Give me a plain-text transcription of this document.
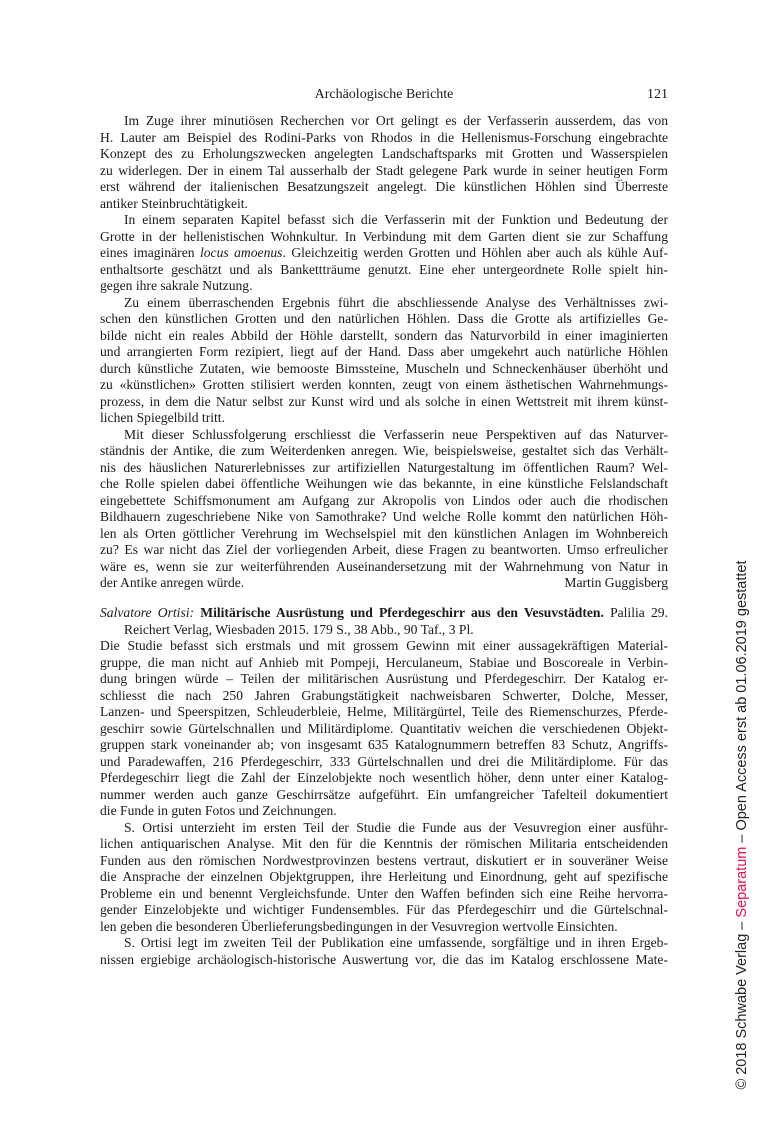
Archäologische Berichte	121
Im Zuge ihrer minutiösen Recherchen vor Ort gelingt es der Verfasserin ausserdem, das von
H. Lauter am Beispiel des Rodini-Parks von Rhodos in die Hellenismus-Forschung eingebrachte
Konzept des zu Erholungszwecken angelegten Landschaftsparks mit Grotten und Wasserspielen
zu widerlegen. Der in einem Tal ausserhalb der Stadt gelegene Park wurde in seiner heutigen Form
erst während der italienischen Besatzungszeit angelegt. Die künstlichen Höhlen sind Überreste
antiker Steinbruchtätigkeit.
In einem separaten Kapitel befasst sich die Verfasserin mit der Funktion und Bedeutung der
Grotte in der hellenistischen Wohnkultur. In Verbindung mit dem Garten dient sie zur Schaffung
eines imaginären locus amoenus. Gleichzeitig werden Grotten und Höhlen aber auch als kühle Auf-
enthaltsorte geschätzt und als Bankettträume genutzt. Eine eher untergeordnete Rolle spielt hin-
gegen ihre sakrale Nutzung.
Zu einem überraschenden Ergebnis führt die abschliessende Analyse des Verhältnisses zwi-
schen den künstlichen Grotten und den natürlichen Höhlen. Dass die Grotte als artifizielles Ge-
bilde nicht ein reales Abbild der Höhle darstellt, sondern das Naturvorbild in einer imaginierten
und arrangierten Form rezipiert, liegt auf der Hand. Dass aber umgekehrt auch natürliche Höhlen
durch künstliche Zutaten, wie bemooste Bimssteine, Muscheln und Schneckenhäuser überhöht und
zu «künstlichen» Grotten stilisiert werden konnten, zeugt von einem ästhetischen Wahrnehmungs-
prozess, in dem die Natur selbst zur Kunst wird und als solche in einen Wettstreit mit ihrem künst-
lichen Spiegelbild tritt.
Mit dieser Schlussfolgerung erschliesst die Verfasserin neue Perspektiven auf das Naturver-
ständnis der Antike, die zum Weiterdenken anregen. Wie, beispielsweise, gestaltet sich das Verhält-
nis des häuslichen Naturerlebnisses zur artifiziellen Naturgestaltung im öffentlichen Raum? Wel-
che Rolle spielen dabei öffentliche Weihungen wie das bekannte, in eine künstliche Felslandschaft
eingebettete Schiffsmonument am Aufgang zur Akropolis von Lindos oder auch die rhodischen
Bildhauern zugeschriebene Nike von Samothrake? Und welche Rolle kommt den natürlichen Höh-
len als Orten göttlicher Verehrung im Wechselspiel mit den künstlichen Anlagen im Wohnbereich
zu? Es war nicht das Ziel der vorliegenden Arbeit, diese Fragen zu beantworten. Umso erfreulicher
wäre es, wenn sie zur weiterführenden Auseinandersetzung mit der Wahrnehmung von Natur in
der Antike anregen würde.	Martin Guggisberg
Salvatore Ortisi: Militärische Ausrüstung und Pferdegeschirr aus den Vesuvstädten. Palilia 29.
Reichert Verlag, Wiesbaden 2015. 179 S., 38 Abb., 90 Taf., 3 Pl.
Die Studie befasst sich erstmals und mit grossem Gewinn mit einer aussagekräftigen Material-
gruppe, die man nicht auf Anhieb mit Pompeji, Herculaneum, Stabiae und Boscoreale in Verbin-
dung bringen würde – Teilen der militärischen Ausrüstung und Pferdegeschirr. Der Katalog er-
schliesst die nach 250 Jahren Grabungstätigkeit nachweisbaren Schwerter, Dolche, Messer,
Lanzen- und Speerspitzen, Schleuderbleie, Helme, Militärgürtel, Teile des Riemenschurzes, Pferde-
geschirr sowie Gürtelschnallen und Militärdiplome. Quantitativ weichen die verschiedenen Objekt-
gruppen stark voneinander ab; von insgesamt 635 Katalognummern betreffen 83 Schutz, Angriffs-
und Paradewaffen, 216 Pferdegeschirr, 333 Gürtelschnallen und drei die Militärdiplome. Für das
Pferdegeschirr liegt die Zahl der Einzelobjekte noch wesentlich höher, denn unter einer Katalog-
nummer werden auch ganze Geschirrsätze aufgeführt. Ein umfangreicher Tafelteil dokumentiert
die Funde in guten Fotos und Zeichnungen.
S. Ortisi unterzieht im ersten Teil der Studie die Funde aus der Vesuvregion einer ausführ-
lichen antiquarischen Analyse. Mit den für die Kenntnis der römischen Militaria entscheidenden
Funden aus den römischen Nordwestprovinzen bestens vertraut, diskutiert er in souveräner Weise
die Ansprache der einzelnen Objektgruppen, ihre Herleitung und Einordnung, geht auf spezifische
Probleme ein und benennt Vergleichsfunde. Unter den Waffen befinden sich eine Reihe hervorra-
gender Einzelobjekte und wichtiger Fundensembles. Für das Pferdegeschirr und die Gürtelschnal-
len geben die besonderen Überlieferungsbedingungen in der Vesuvregion wertvolle Einsichten.
S. Ortisi legt im zweiten Teil der Publikation eine umfassende, sorgfältige und in ihren Ergeb-
nissen ergiebige archäologisch-historische Auswertung vor, die das im Katalog erschlossene Mate-	© 2018 Schwabe Verlag – Separatum – Open Access erst ab 01.06.2019 gestattet
